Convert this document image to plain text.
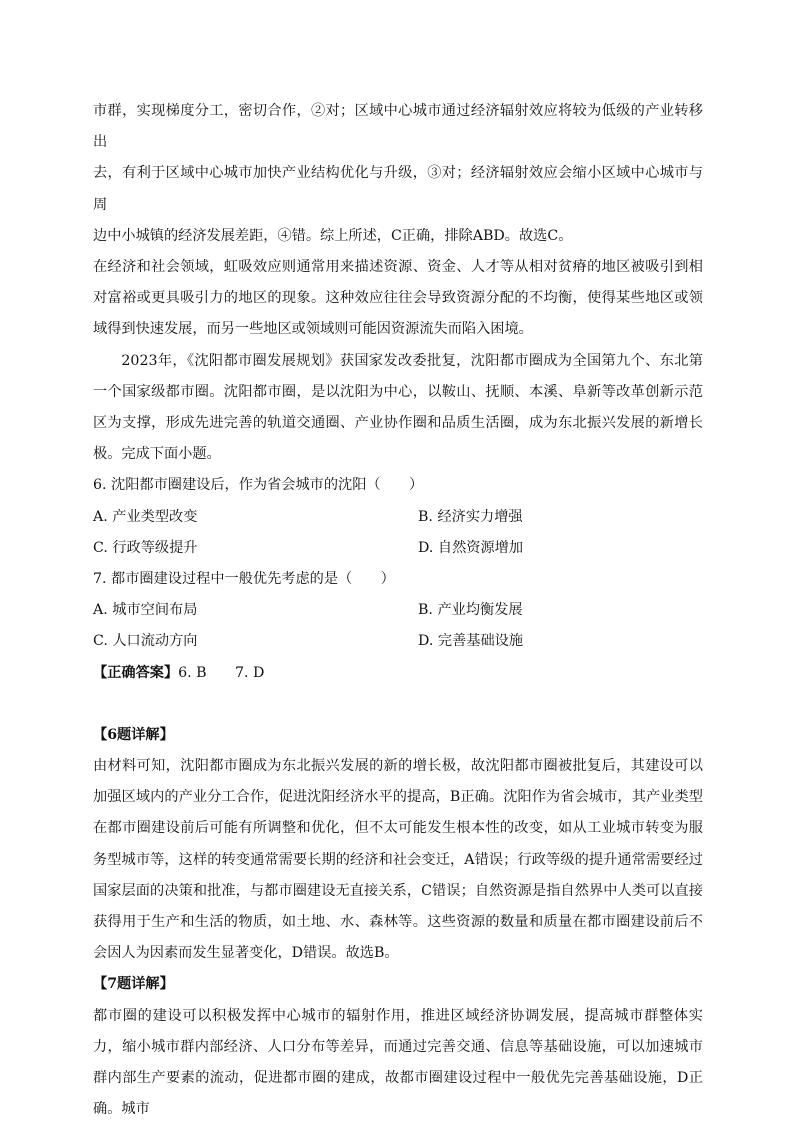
市群，实现梯度分工，密切合作，②对；区域中心城市通过经济辐射效应将较为低级的产业转移出

去，有利于区域中心城市加快产业结构优化与升级，③对；经济辐射效应会缩小区域中心城市与周

边中小城镇的经济发展差距，④错。综上所述，C正确，排除ABD。故选C。

在经济和社会领域，虹吸效应则通常用来描述资源、资金、人才等从相对贫瘠的地区被吸引到相对富裕或更具吸引力的地区的现象。这种效应往往会导致资源分配的不均衡，使得某些地区或领域得到快速发展，而另一些地区或领域则可能因资源流失而陷入困境。

2023年，《沈阳都市圈发展规划》获国家发改委批复，沈阳都市圈成为全国第九个、东北第一个国家级都市圈。沈阳都市圈，是以沈阳为中心，以鞍山、抚顺、本溪、阜新等改革创新示范区为支撑，形成先进完善的轨道交通圈、产业协作圈和品质生活圈，成为东北振兴发展的新增长极。完成下面小题。

6. 沈阳都市圈建设后，作为省会城市的沈阳（　　）

A. 产业类型改变	B. 经济实力增强
C. 行政等级提升	D. 自然资源增加

7. 都市圈建设过程中一般优先考虑的是（　　）

A. 城市空间布局	B. 产业均衡发展
C. 人口流动方向	D. 完善基础设施

【正确答案】6. B　　7. D

【6题详解】

由材料可知，沈阳都市圈成为东北振兴发展的新的增长极，故沈阳都市圈被批复后，其建设可以加强区域内的产业分工合作，促进沈阳经济水平的提高，B正确。沈阳作为省会城市，其产业类型在都市圈建设前后可能有所调整和优化，但不太可能发生根本性的改变，如从工业城市转变为服务型城市等，这样的转变通常需要长期的经济和社会变迁，A错误；行政等级的提升通常需要经过国家层面的决策和批准，与都市圈建设无直接关系，C错误；自然资源是指自然界中人类可以直接获得用于生产和生活的物质，如土地、水、森林等。这些资源的数量和质量在都市圈建设前后不会因人为因素而发生显著变化，D错误。故选B。

【7题详解】

都市圈的建设可以积极发挥中心城市的辐射作用，推进区域经济协调发展，提高城市群整体实力，缩小城市群内部经济、人口分布等差异，而通过完善交通、信息等基础设施，可以加速城市群内部生产要素的流动，促进都市圈的建成，故都市圈建设过程中一般优先完善基础设施，D正确。城市
